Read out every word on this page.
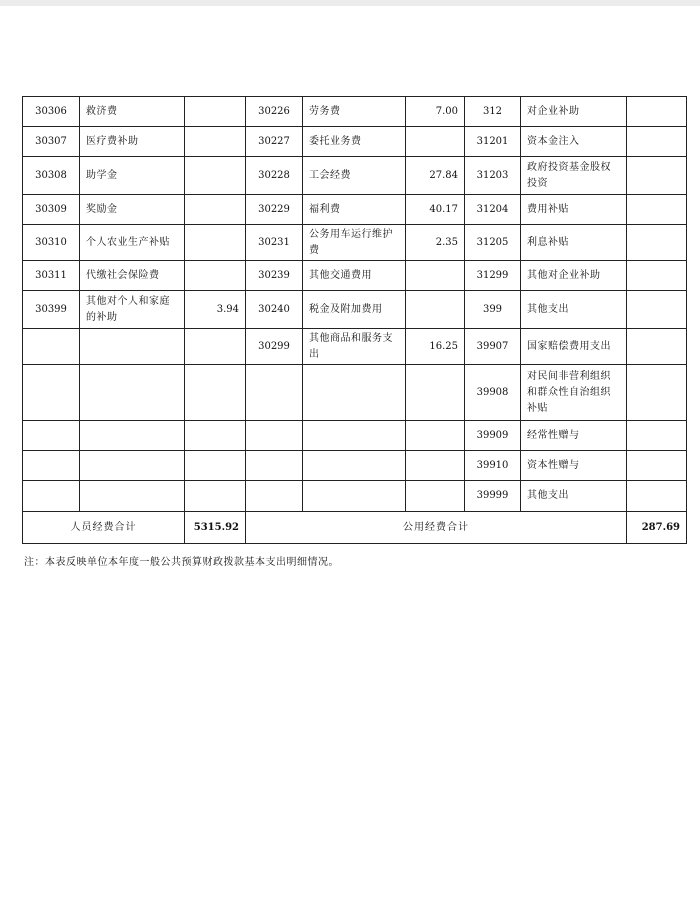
30306	救济费		30226	劳务费	7.00	312	对企业补助	
30307	医疗费补助		30227	委托业务费		31201	资本金注入	
30308	助学金		30228	工会经费	27.84	31203	政府投资基金股权投资	
30309	奖励金		30229	福利费	40.17	31204	费用补贴	
30310	个人农业生产补贴		30231	公务用车运行维护费	2.35	31205	利息补贴	
30311	代缴社会保险费		30239	其他交通费用		31299	其他对企业补助	
30399	其他对个人和家庭的补助	3.94	30240	税金及附加费用		399	其他支出	
			30299	其他商品和服务支出	16.25	39907	国家赔偿费用支出	
						39908	对民间非营利组织和群众性自治组织补贴	
						39909	经常性赠与	
						39910	资本性赠与	
						39999	其他支出	
人员经费合计		5315.92	公用经费合计					287.69
注：本表反映单位本年度一般公共预算财政拨款基本支出明细情况。
